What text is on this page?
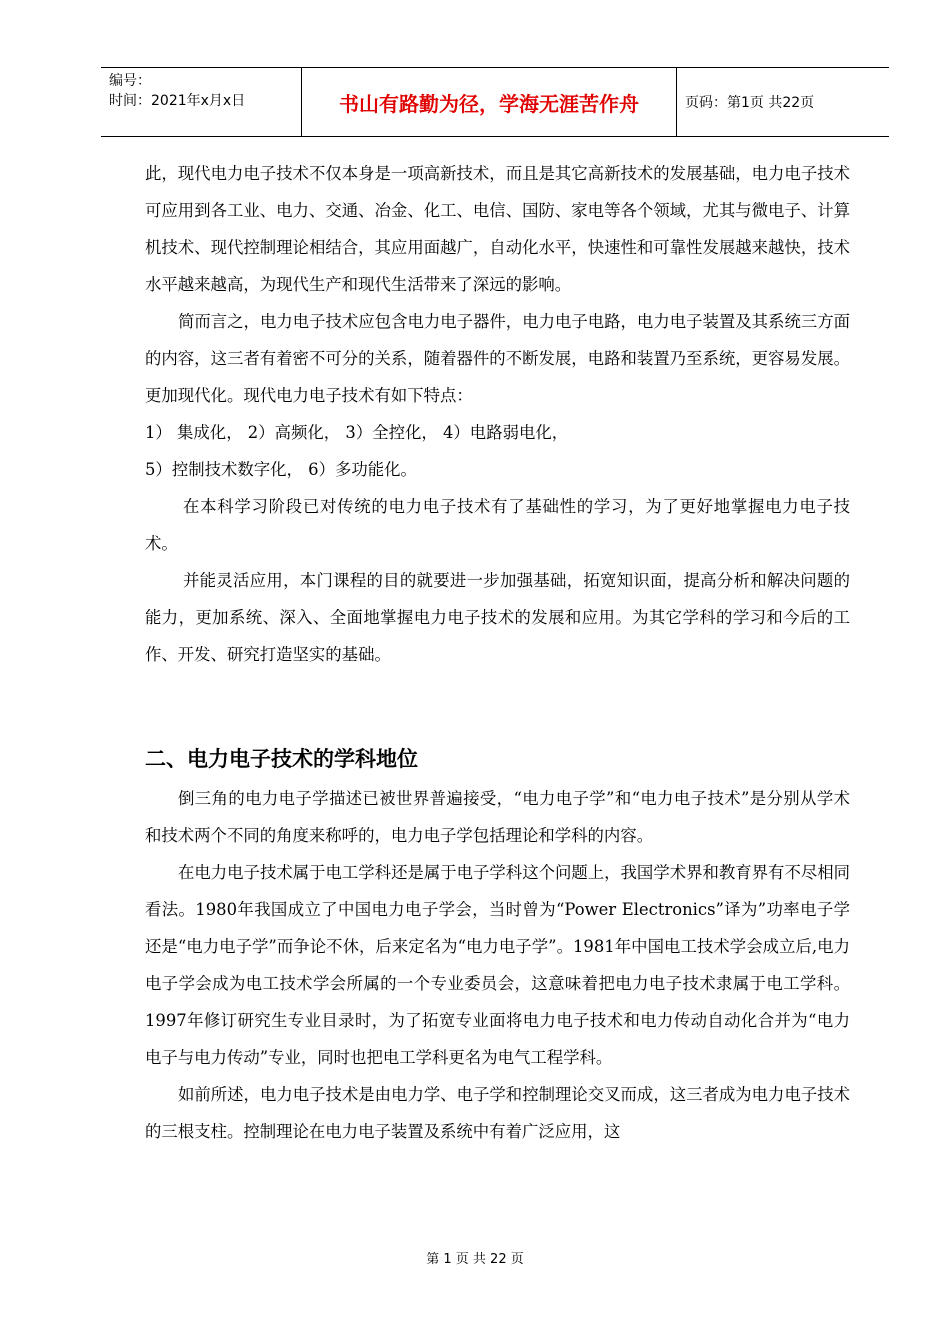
编号：
时间：2021年x月x日	书山有路勤为径，学海无涯苦作舟	页码：第1页 共22页

此，现代电力电子技术不仅本身是一项高新技术，而且是其它高新技术的发展基础，电力电子技术可应用到各工业、电力、交通、冶金、化工、电信、国防、家电等各个领域，尤其与微电子、计算机技术、现代控制理论相结合，其应用面越广，自动化水平，快速性和可靠性发展越来越快，技术水平越来越高，为现代生产和现代生活带来了深远的影响。

简而言之，电力电子技术应包含电力电子器件，电力电子电路，电力电子装置及其系统三方面的内容，这三者有着密不可分的关系，随着器件的不断发展，电路和装置乃至系统，更容易发展。更加现代化。现代电力电子技术有如下特点：

1） 集成化， 2）高频化， 3）全控化， 4）电路弱电化，

5）控制技术数字化， 6）多功能化。

在本科学习阶段已对传统的电力电子技术有了基础性的学习，为了更好地掌握电力电子技术。

并能灵活应用，本门课程的目的就要进一步加强基础，拓宽知识面，提高分析和解决问题的能力，更加系统、深入、全面地掌握电力电子技术的发展和应用。为其它学科的学习和今后的工作、开发、研究打造坚实的基础。

二、电力电子技术的学科地位

倒三角的电力电子学描述已被世界普遍接受，“电力电子学”和“电力电子技术”是分别从学术和技术两个不同的角度来称呼的，电力电子学包括理论和学科的内容。

在电力电子技术属于电工学科还是属于电子学科这个问题上，我国学术界和教育界有不尽相同看法。1980年我国成立了中国电力电子学会，当时曾为“Power Electronics”译为”功率电子学还是“电力电子学”而争论不休，后来定名为“电力电子学”。1981年中国电工技术学会成立后,电力电子学会成为电工技术学会所属的一个专业委员会，这意味着把电力电子技术隶属于电工学科。1997年修订研究生专业目录时，为了拓宽专业面将电力电子技术和电力传动自动化合并为“电力电子与电力传动”专业，同时也把电工学科更名为电气工程学科。

如前所述，电力电子技术是由电力学、电子学和控制理论交叉而成，这三者成为电力电子技术的三根支柱。控制理论在电力电子装置及系统中有着广泛应用，这

第 1 页 共 22 页
